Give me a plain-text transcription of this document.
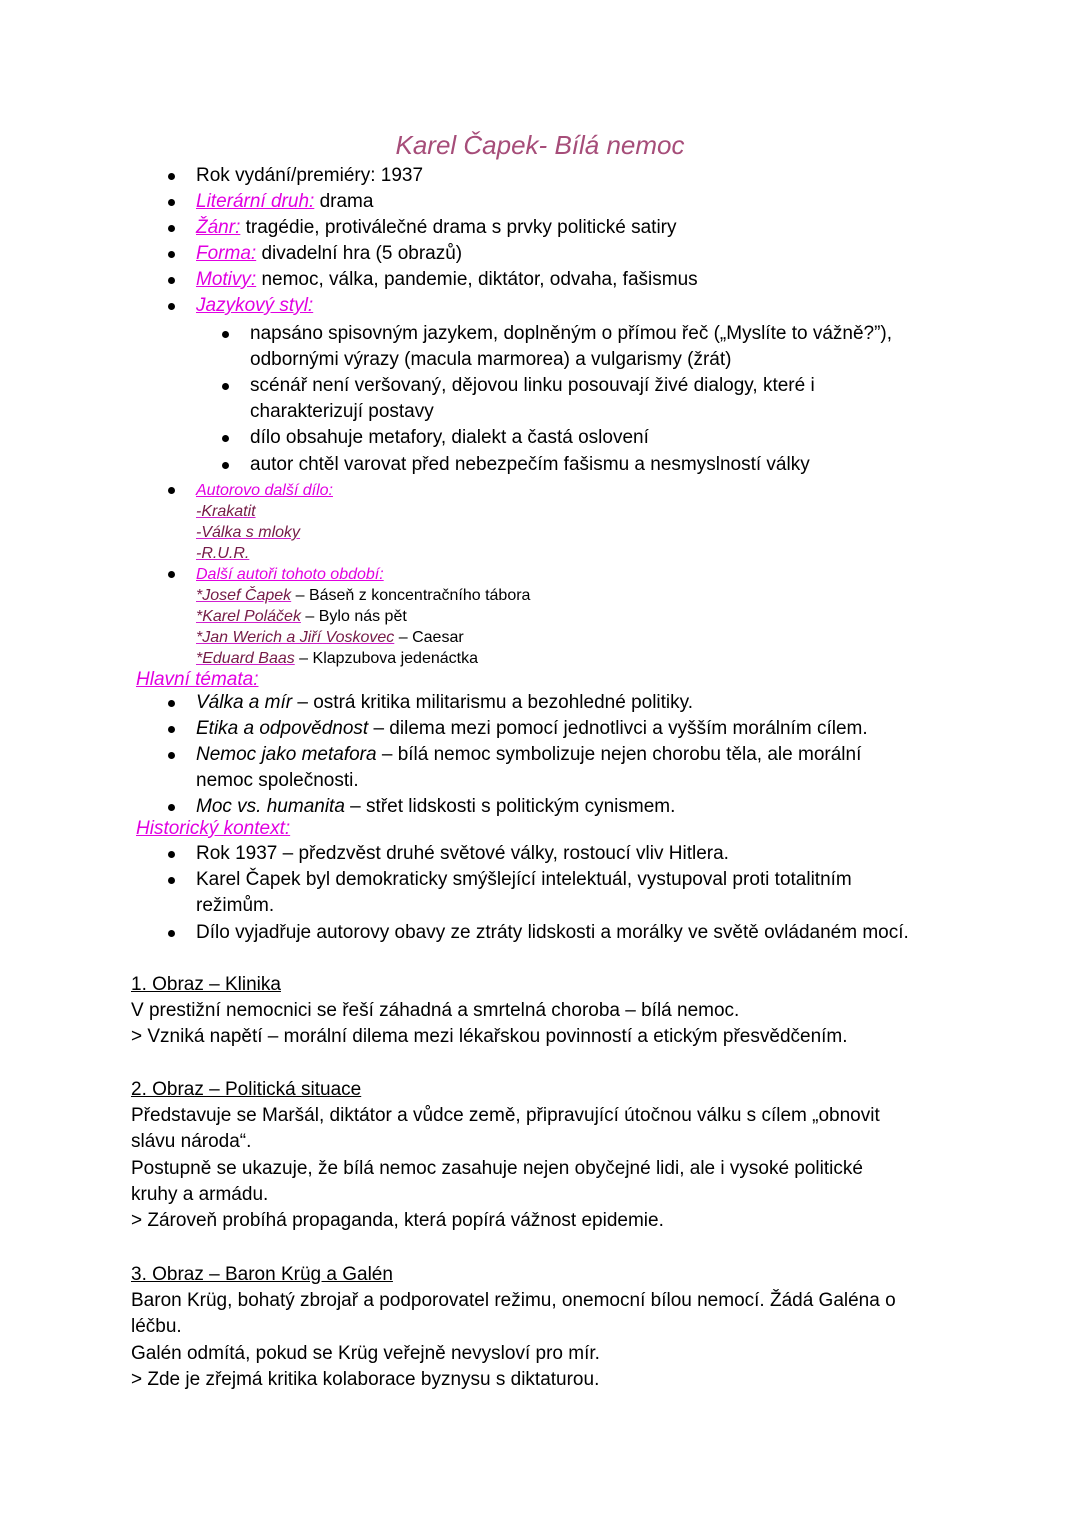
Karel Čapek- Bílá nemoc
Rok vydání/premiéry: 1937
Literární druh: drama
Žánr: tragédie, protiválečné drama s prvky politické satiry
Forma: divadelní hra (5 obrazů)
Motivy: nemoc, válka, pandemie, diktátor, odvaha, fašismus
Jazykový styl:
napsáno spisovným jazykem, doplněným o přímou řeč („Myslíte to vážně?”),
odbornými výrazy (macula marmorea) a vulgarismy (žrát)
scénář není veršovaný, dějovou linku posouvají živé dialogy, které i
charakterizují postavy
dílo obsahuje metafory, dialekt a častá oslovení
autor chtěl varovat před nebezpečím fašismu a nesmyslností války
Autorovo další dílo:
-Krakatit
-Válka s mloky
-R.U.R.
Další autoři tohoto období:
*Josef Čapek – Báseň z koncentračního tábora
*Karel Poláček – Bylo nás pět
*Jan Werich a Jiří Voskovec – Caesar
*Eduard Baas – Klapzubova jedenáctka
Hlavní témata:
Válka a mír – ostrá kritika militarismu a bezohledné politiky.
Etika a odpovědnost – dilema mezi pomocí jednotlivci a vyšším morálním cílem.
Nemoc jako metafora – bílá nemoc symbolizuje nejen chorobu těla, ale morální
nemoc společnosti.
Moc vs. humanita – střet lidskosti s politickým cynismem.
Historický kontext:
Rok 1937 – předzvěst druhé světové války, rostoucí vliv Hitlera.
Karel Čapek byl demokraticky smýšlející intelektuál, vystupoval proti totalitním
režimům.
Dílo vyjadřuje autorovy obavy ze ztráty lidskosti a morálky ve světě ovládaném mocí.
1. Obraz – Klinika
V prestižní nemocnici se řeší záhadná a smrtelná choroba – bílá nemoc.
> Vzniká napětí – morální dilema mezi lékařskou povinností a etickým přesvědčením.
2. Obraz – Politická situace
Představuje se Maršál, diktátor a vůdce země, připravující útočnou válku s cílem „obnovit
slávu národa“.
Postupně se ukazuje, že bílá nemoc zasahuje nejen obyčejné lidi, ale i vysoké politické
kruhy a armádu.
> Zároveň probíhá propaganda, která popírá vážnost epidemie.
3. Obraz – Baron Krüg a Galén
Baron Krüg, bohatý zbrojař a podporovatel režimu, onemocní bílou nemocí. Žádá Galéna o
léčbu.
Galén odmítá, pokud se Krüg veřejně nevysloví pro mír.
> Zde je zřejmá kritika kolaborace byznysu s diktaturou.
